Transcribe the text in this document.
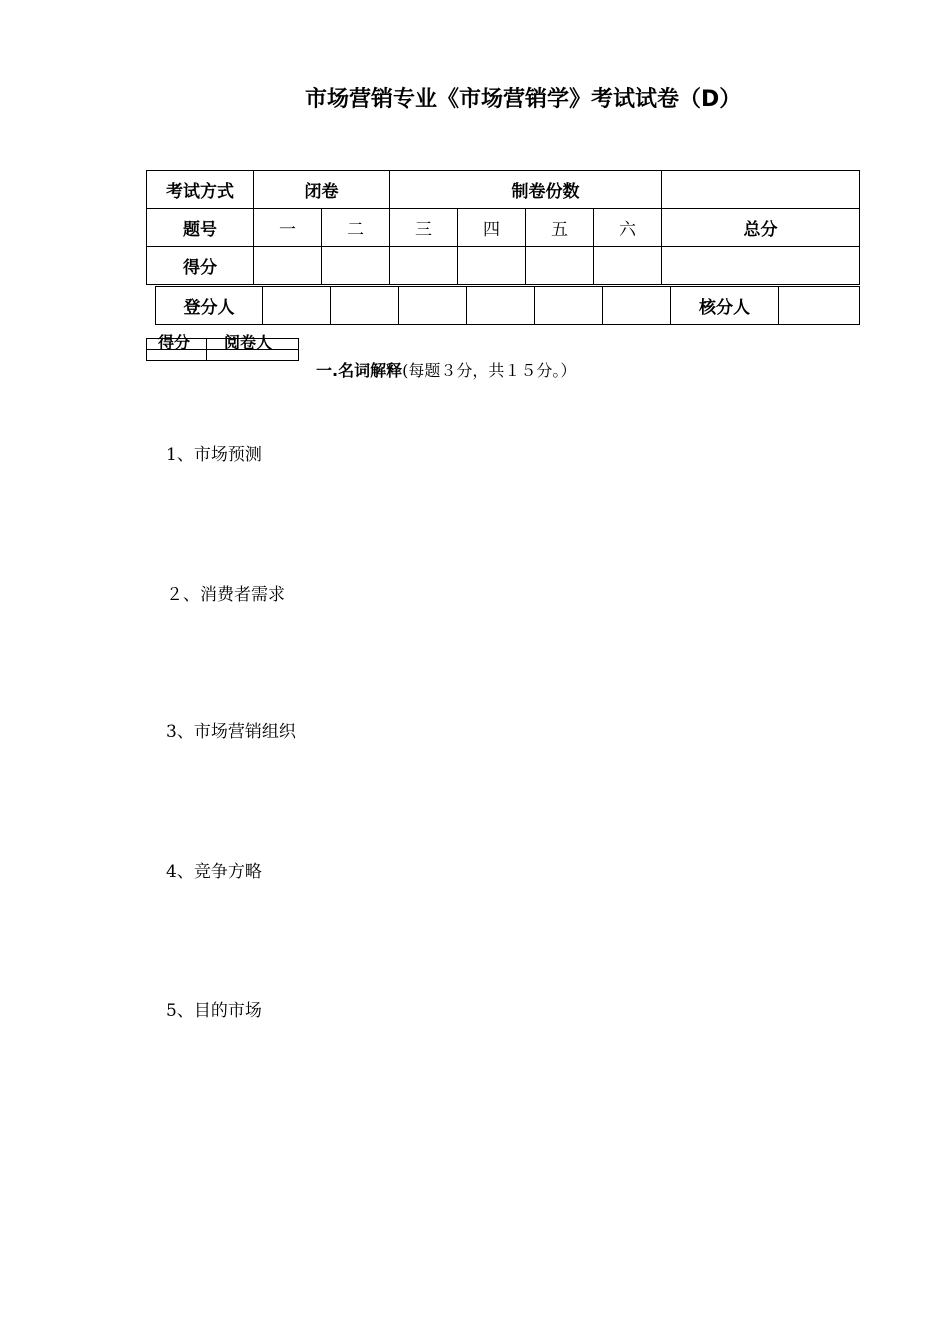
市场营销专业《市场营销学》考试试卷（D）
考试方式	闭卷		制卷份数				
题号	一	二	三	四	五	六	总分
得分							
登分人							核分人	
得分 阅卷人

一.名词解释(每题３分，共１５分。）
1、市场预测
２、消费者需求
3、市场营销组织
4、竞争方略
5、目的市场
